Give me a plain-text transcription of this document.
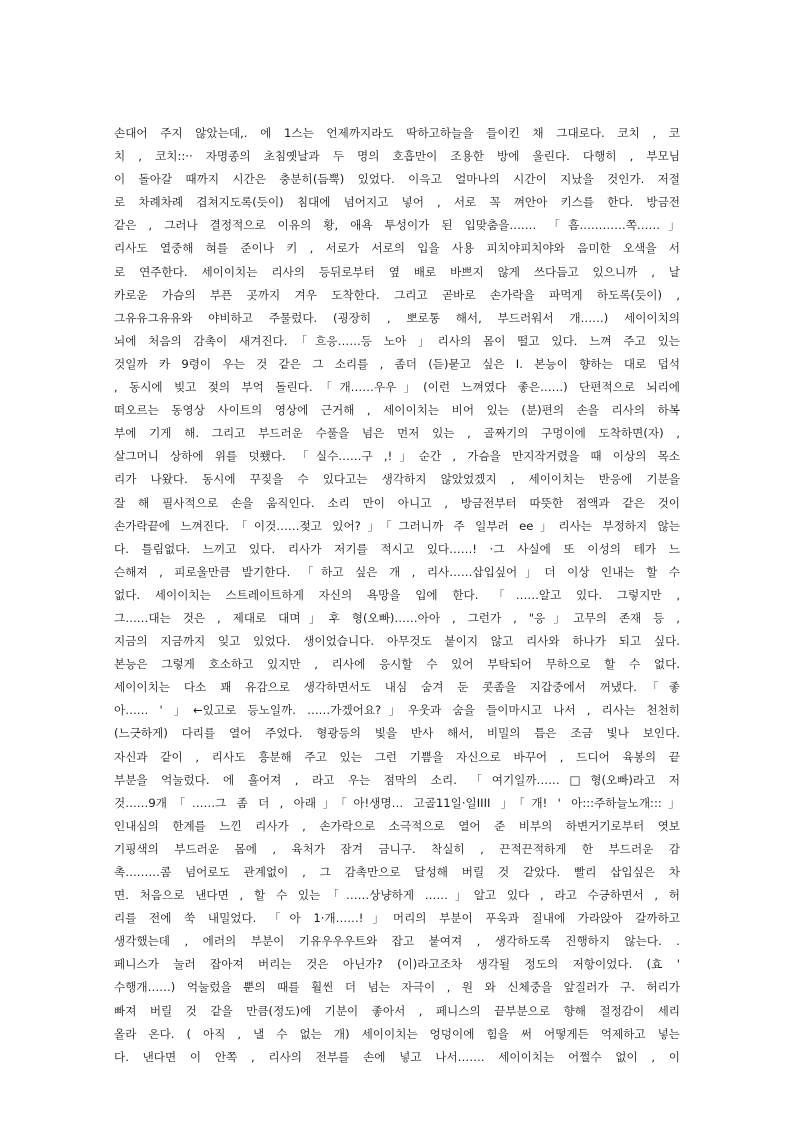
손대어 주지 않았는데,. 에 1스는 언제까지라도 딱하고하늘을 들이킨 채 그대로다. 코치 , 코
치 , 코치::·· 자명종의 초침옛날과 두 명의 호흡만이 조용한 방에 울린다. 다행히 , 부모님
이 돌아갈 때까지 시간은 충분히(듬뿍) 있었다. 이윽고 얼마나의 시간이 지났을 것인가. 저절
로 차례차례 겹쳐지도록(듯이) 침대에 넘어지고 넣어 , 서로 꼭 껴안아 키스를 한다. 방금전
같은 , 그러나 결정적으로 이유의 황, 애욕 투성이가 된 입맞춤을……. 「흠…………쪽……」
리사도 열중해 혀를 준이나 키 , 서로가 서로의 입을 사용 피치야피치야와 음미한 오색을 서
로 연주한다. 세이이치는 리사의 등뒤로부터 옆 배로 바쁘지 않게 쓰다듬고 있으니까 , 날
카로운 가슴의 부픈 곳까지 겨우 도착한다. 그리고 곧바로 손가락을 파먹게 하도록(듯이) ,
그유유그유유와 야비하고 주물렀다. (굉장히 , 뽀로통 해서, 부드러워서 개……) 세이이치의
뇌에 처음의 감촉이 새겨진다.「흐응……등 노아 」리사의 몸이 떨고 있다. 느껴 주고 있는
것일까 카 9령이 우는 것 같은 그 소리를 , 좀더 (듣)묻고 싶은 I. 본능이 향하는 대로 덥석
, 동시에 빚고 젖의 부억 돌린다.「개……우우」(이런 느껴였다 좋은……) 단편적으로 뇌리에
떠오르는 동영상 사이트의 영상에 근거해 , 세이이치는 비어 있는 (분)편의 손을 리사의 하복
부에 기게 해. 그리고 부드러운 수풀을 넘은 먼저 있는 , 골짜기의 구멍이에 도착하면(자) ,
살그머니 상하에 위를 덧쐤다. 「실수……구 ,!」순간 , 가슴을 만지작거렸을 때 이상의 목소
리가 나왔다. 동시에 꾸짖을 수 있다고는 생각하지 않았었겠지 , 세이이치는 반응에 기분을
잘 해 필사적으로 손을 움직인다. 소리 만이 아니고 , 방금전부터 따뜻한 점액과 같은 것이
손가락끝에 느껴진다.「이것……젖고 있어?」「그러니까 주 일부러 ee」리사는 부정하지 않는
다. 틀림없다. 느끼고 있다. 리사가 저기를 적시고 있다……! ·그 사실에 또 이성의 테가 느
슨해져 , 피로울만큼 발기한다. 「하고 싶은 개 , 리사……삽입싶어」더 이상 인내는 할 수
없다. 세이이치는 스트레이트하게 자신의 욕망을 입에 한다. 「……알고 있다. 그렇지만 ,
그……대는 것은 , 제대로 대며」후 형(오빠)……아아 , 그런가 , "응」고무의 존재 등 ,
지금의 지금까지 잊고 있었다. 생이었습니다. 아무것도 붙이지 않고 리사와 하나가 되고 싶다.
본능은 그렇게 호소하고 있지만 , 리사에 응시할 수 있어 부탁되어 무하으로 할 수 없다.
세이이치는 다소 꽤 유감으로 생각하면서도 내심 숨겨 둔 콧좀을 지갑중에서 꺼냈다.「좋
아…… ' 」←있고로 등노일까. ……가겠어요?」우웃과 숨을 들이마시고 나서 , 리사는 천천히
(느긋하게) 다리를 열어 주었다. 형광등의 빛을 반사 해서, 비밀의 틈은 조금 빛나 보인다.
자신과 같이 , 리사도 흥분해 주고 있는 그런 기쁨을 자신으로 바꾸어 , 드디어 육봉의 끝
부분을 억눌렀다. 에 흘어져 , 라고 우는 점막의 소리. 「여기일까……□형(오빠)라고 저
것……9개「……그 좀 더 , 아래」「아!생명… 고골11일·일IIII 」「개! ' 아:::주하늘노개:::」
인내심의 한계를 느낀 리사가 , 손가락으로 소극적으로 열어 준 비부의 하변거기로부터 엿보
기핑색의 부드러운 몸에 , 육처가 잠겨 금니구. 착실히 , 끈적끈적하게 한 부드러운 감
촉………콤 넘어로도 관계없이 , 그 감촉만으로 달성해 버릴 것 같았다. 빨리 삽입싶은 차
면. 처음으로 낸다면 , 할 수 있는「……상냥하게 ……」알고 있다 , 라고 수긍하면서 , 허
리를 전에 쑥 내밀었다. 「아 1·개……!」머리의 부분이 푸욱과 질내에 가라앉아 갈까하고
생각했는데 , 에러의 부분이 기유우우우트와 잡고 붙여져 , 생각하도록 진행하지 않는다. .
페니스가 눌러 잡아져 버리는 것은 아닌가? (이)라고조차 생각될 정도의 저항이었다. (효 '
수행개……) 억눌렀을 뿐의 때를 훨씬 더 넘는 자극이 , 원 와 신체중을 앞질러가 구. 허리가
빠져 버릴 것 같을 만큼(정도)에 기분이 좋아서 , 페니스의 끝부분으로 향해 절정감이 세리
올라 온다. ( 아직 , 낼 수 없는 개) 세이이치는 엉덩이에 힘을 써 어떻게든 억제하고 넣는
다. 낸다면 이 안쪽 , 리사의 전부를 손에 넣고 나서……. 세이이치는 어쩔수 없이 , 이
